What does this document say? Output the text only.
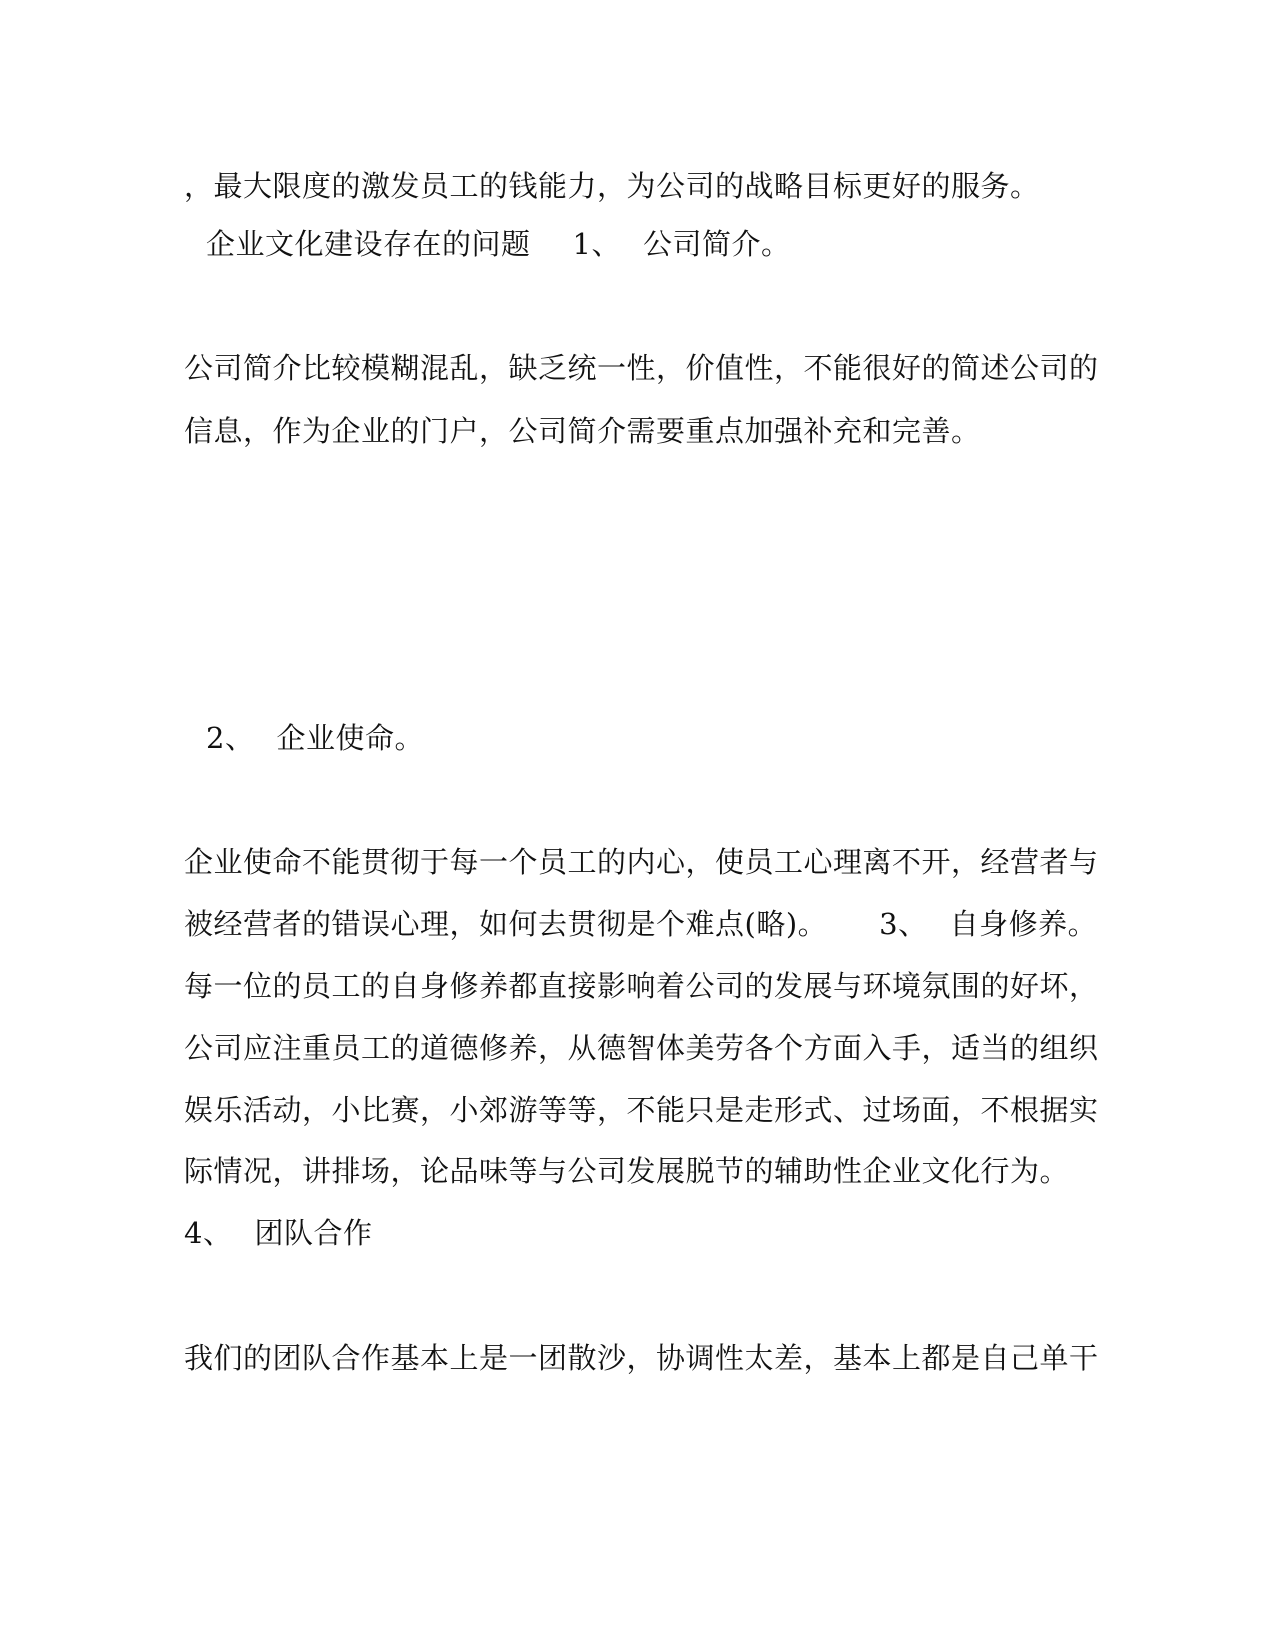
，最大限度的激发员工的钱能力，为公司的战略目标更好的服务。
企业文化建设存在的问题 1、 公司简介。
公司简介比较模糊混乱，缺乏统一性，价值性，不能很好的简述公司的
信息，作为企业的门户，公司简介需要重点加强补充和完善。
2、 企业使命。
企业使命不能贯彻于每一个员工的内心，使员工心理离不开，经营者与
被经营者的错误心理，如何去贯彻是个难点(略)。 3、 自身修养。
每一位的员工的自身修养都直接影响着公司的发展与环境氛围的好坏，
公司应注重员工的道德修养，从德智体美劳各个方面入手，适当的组织
娱乐活动，小比赛，小郊游等等，不能只是走形式、过场面，不根据实
际情况，讲排场，论品味等与公司发展脱节的辅助性企业文化行为。
4、 团队合作
我们的团队合作基本上是一团散沙，协调性太差，基本上都是自己单干
